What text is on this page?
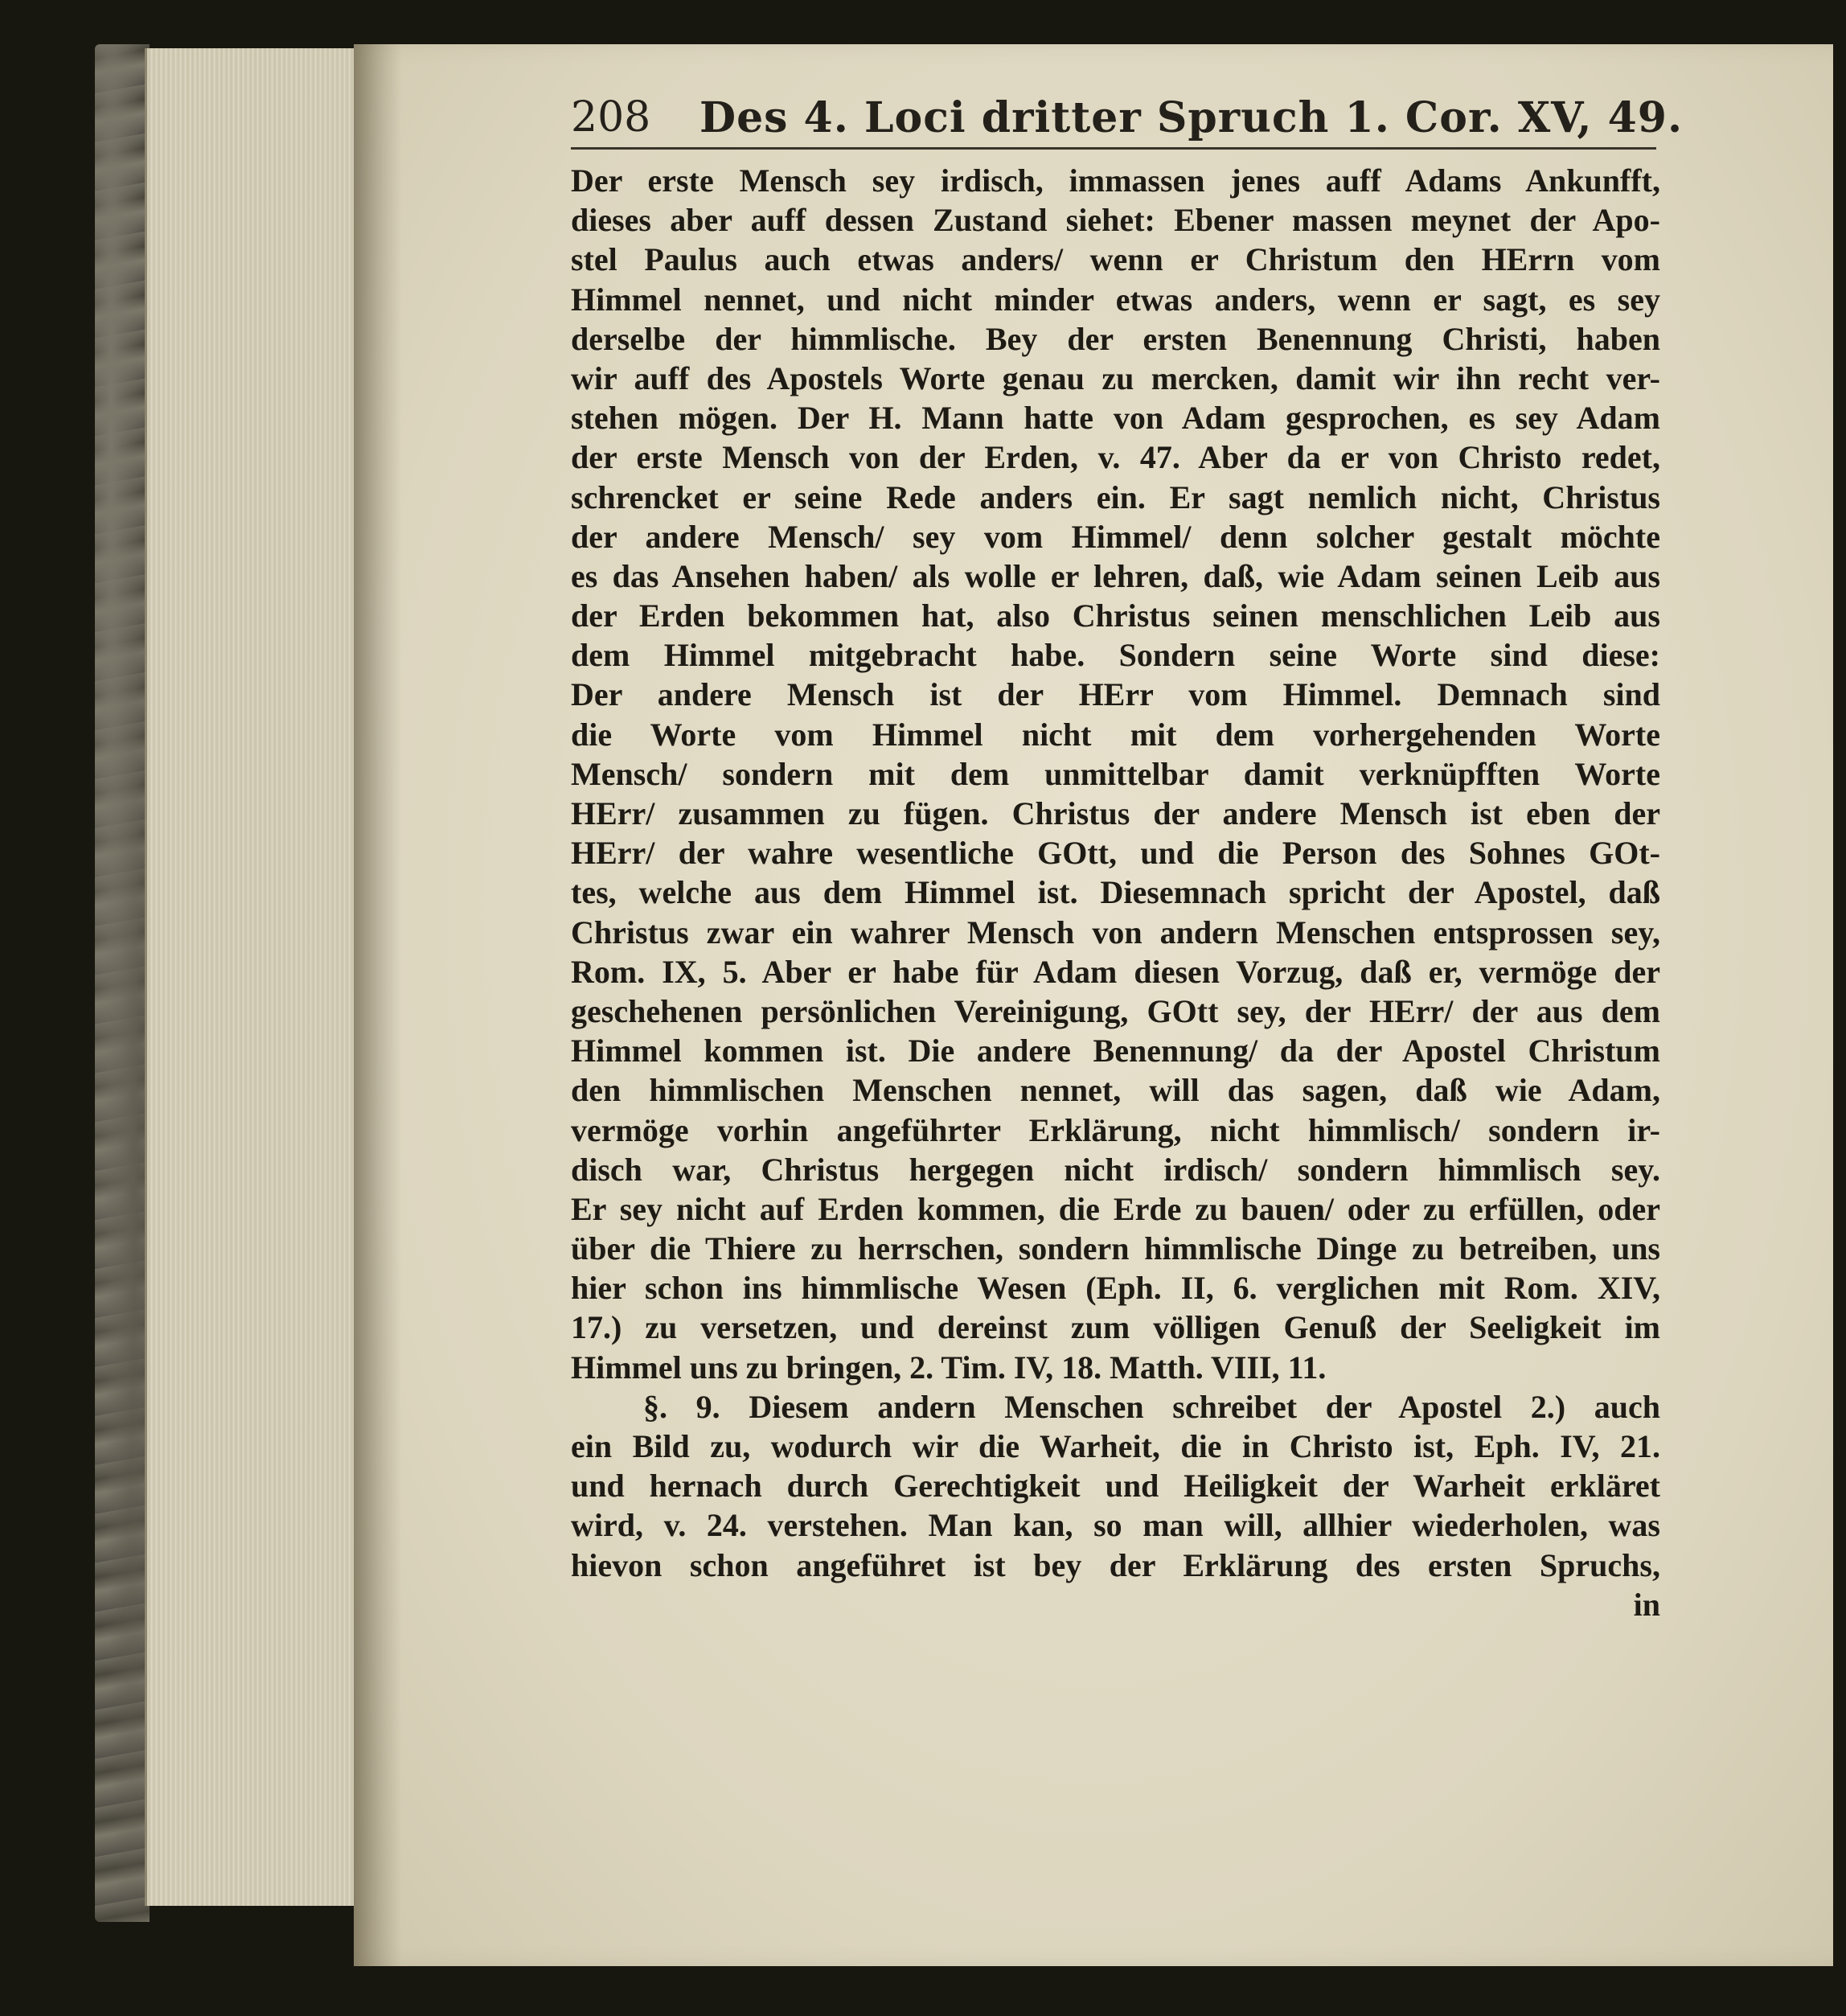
208 Des 4. Loci dritter Spruch 1. Cor. XV, 49.
Der erste Mensch sey irdisch, immassen jenes auff Adams Ankunfft,
dieses aber auff dessen Zustand siehet: Ebener massen meynet der Apo-
stel Paulus auch etwas anders/ wenn er Christum den HErrn vom
Himmel nennet, und nicht minder etwas anders, wenn er sagt, es sey
derselbe der himmlische. Bey der ersten Benennung Christi, haben
wir auff des Apostels Worte genau zu mercken, damit wir ihn recht ver-
stehen mögen. Der H. Mann hatte von Adam gesprochen, es sey Adam
der erste Mensch von der Erden, v. 47. Aber da er von Christo redet,
schrencket er seine Rede anders ein. Er sagt nemlich nicht, Christus
der andere Mensch/ sey vom Himmel/ denn solcher gestalt möchte
es das Ansehen haben/ als wolle er lehren, daß, wie Adam seinen Leib aus
der Erden bekommen hat, also Christus seinen menschlichen Leib aus
dem Himmel mitgebracht habe. Sondern seine Worte sind diese:
Der andere Mensch ist der HErr vom Himmel. Demnach sind
die Worte vom Himmel nicht mit dem vorhergehenden Worte
Mensch/ sondern mit dem unmittelbar damit verknüpfften Worte
HErr/ zusammen zu fügen. Christus der andere Mensch ist eben der
HErr/ der wahre wesentliche GOtt, und die Person des Sohnes GOt-
tes, welche aus dem Himmel ist. Diesemnach spricht der Apostel, daß
Christus zwar ein wahrer Mensch von andern Menschen entsprossen sey,
Rom. IX, 5. Aber er habe für Adam diesen Vorzug, daß er, vermöge der
geschehenen persönlichen Vereinigung, GOtt sey, der HErr/ der aus dem
Himmel kommen ist. Die andere Benennung/ da der Apostel Christum
den himmlischen Menschen nennet, will das sagen, daß wie Adam,
vermöge vorhin angeführter Erklärung, nicht himmlisch/ sondern ir-
disch war, Christus hergegen nicht irdisch/ sondern himmlisch sey.
Er sey nicht auf Erden kommen, die Erde zu bauen/ oder zu erfüllen, oder
über die Thiere zu herrschen, sondern himmlische Dinge zu betreiben, uns
hier schon ins himmlische Wesen (Eph. II, 6. verglichen mit Rom. XIV,
17.) zu versetzen, und dereinst zum völligen Genuß der Seeligkeit im
Himmel uns zu bringen, 2. Tim. IV, 18. Matth. VIII, 11.
§. 9. Diesem andern Menschen schreibet der Apostel 2.) auch
ein Bild zu, wodurch wir die Warheit, die in Christo ist, Eph. IV, 21.
und hernach durch Gerechtigkeit und Heiligkeit der Warheit erkläret
wird, v. 24. verstehen. Man kan, so man will, allhier wiederholen, was
hievon schon angeführet ist bey der Erklärung des ersten Spruchs,
in
